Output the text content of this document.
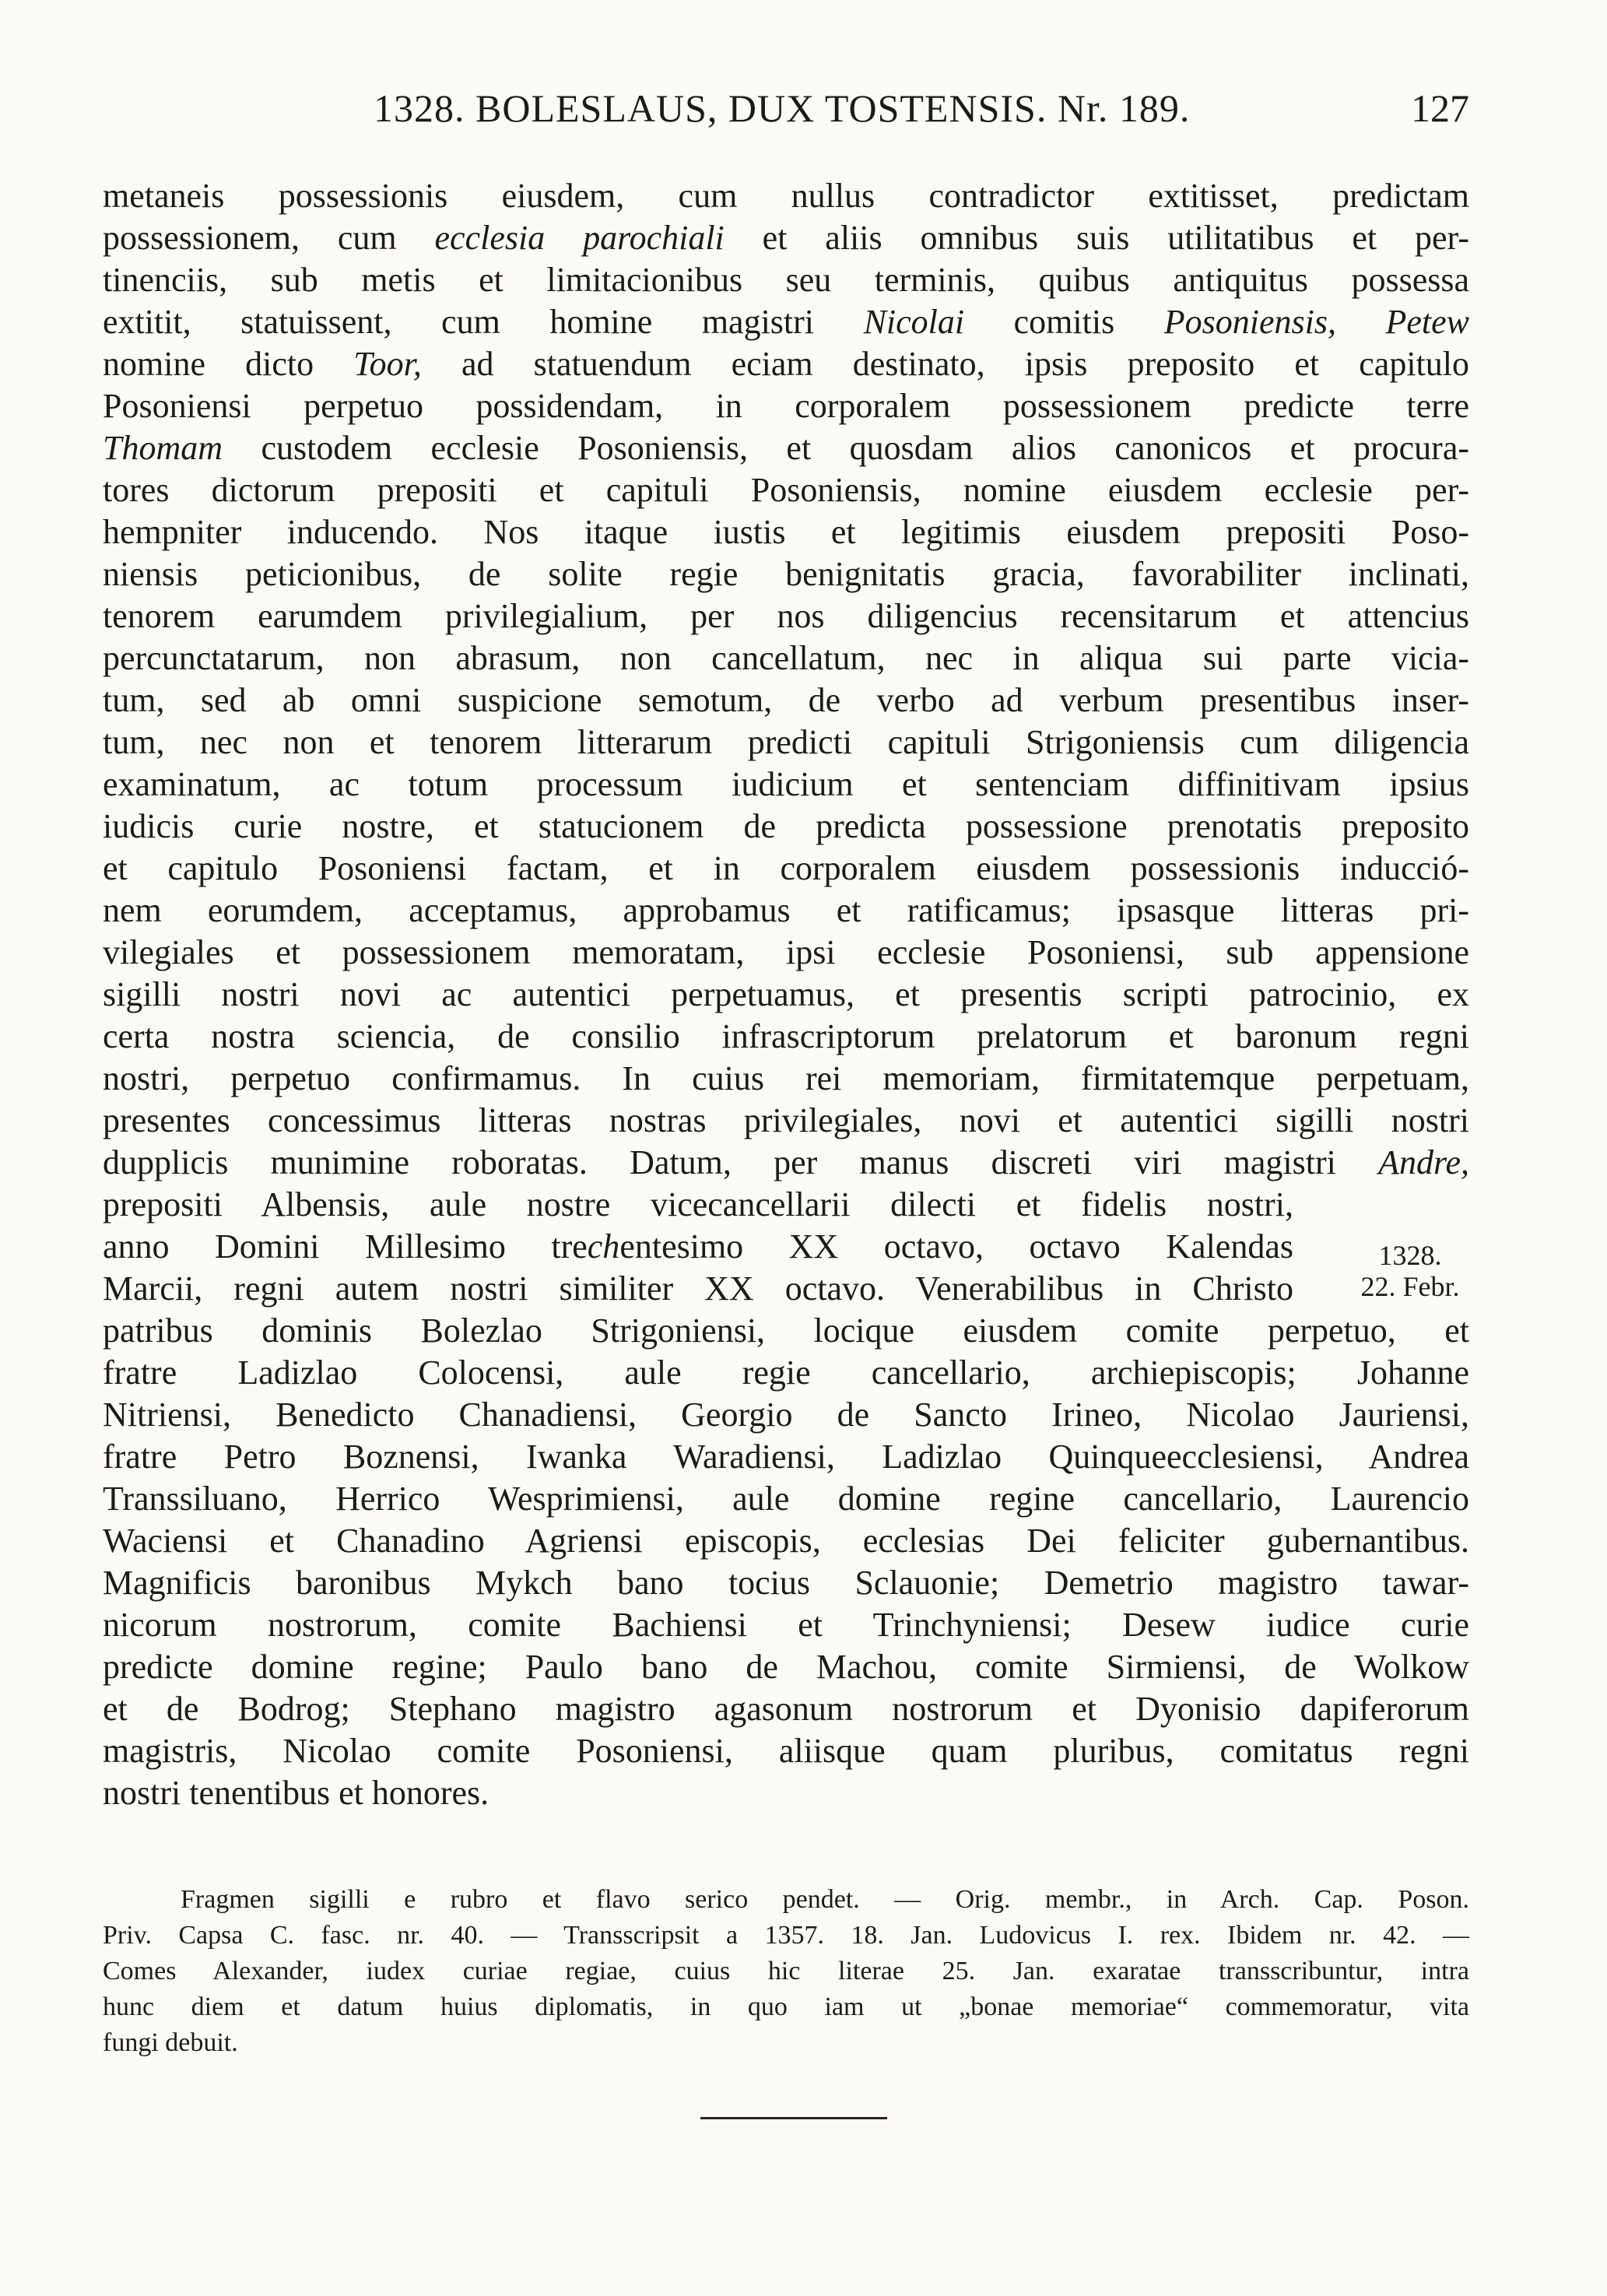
1328. BOLESLAUS, DUX TOSTENSIS. Nr. 189.	127
metaneis possessionis eiusdem, cum nullus contradictor extitisset, predictam
possessionem, cum ecclesia parochiali et aliis omnibus suis utilitatibus et per-
tinenciis, sub metis et limitacionibus seu terminis, quibus antiquitus possessa
extitit, statuissent, cum homine magistri Nicolai comitis Posoniensis, Petew
nomine dicto Toor, ad statuendum eciam destinato, ipsis preposito et capitulo
Posoniensi perpetuo possidendam, in corporalem possessionem predicte terre
Thomam custodem ecclesie Posoniensis, et quosdam alios canonicos et procura-
tores dictorum prepositi et capituli Posoniensis, nomine eiusdem ecclesie per-
hempniter inducendo. Nos itaque iustis et legitimis eiusdem prepositi Poso-
niensis peticionibus, de solite regie benignitatis gracia, favorabiliter inclinati,
tenorem earumdem privilegialium, per nos diligencius recensitarum et attencius
percunctatarum, non abrasum, non cancellatum, nec in aliqua sui parte vicia-
tum, sed ab omni suspicione semotum, de verbo ad verbum presentibus inser-
tum, nec non et tenorem litterarum predicti capituli Strigoniensis cum diligencia
examinatum, ac totum processum iudicium et sentenciam diffinitivam ipsius
iudicis curie nostre, et statucionem de predicta possessione prenotatis preposito
et capitulo Posoniensi factam, et in corporalem eiusdem possessionis inducció-
nem eorumdem, acceptamus, approbamus et ratificamus; ipsasque litteras pri-
vilegiales et possessionem memoratam, ipsi ecclesie Posoniensi, sub appensione
sigilli nostri novi ac autentici perpetuamus, et presentis scripti patrocinio, ex
certa nostra sciencia, de consilio infrascriptorum prelatorum et baronum regni
nostri, perpetuo confirmamus. In cuius rei memoriam, firmitatemque perpetuam,
presentes concessimus litteras nostras privilegiales, novi et autentici sigilli nostri
dupplicis munimine roboratas. Datum, per manus discreti viri magistri Andre,
prepositi Albensis, aule nostre vicecancellarii dilecti et fidelis nostri,
anno Domini Millesimo trechentesimo XX octavo, octavo Kalendas
Marcii, regni autem nostri similiter XX octavo. Venerabilibus in Christo
patribus dominis Bolezlao Strigoniensi, locique eiusdem comite perpetuo, et
fratre Ladizlao Colocensi, aule regie cancellario, archiepiscopis; Johanne
Nitriensi, Benedicto Chanadiensi, Georgio de Sancto Irineo, Nicolao Jauriensi,
fratre Petro Boznensi, Iwanka Waradiensi, Ladizlao Quinqueecclesiensi, Andrea
Transsiluano, Herrico Wesprimiensi, aule domine regine cancellario, Laurencio
Waciensi et Chanadino Agriensi episcopis, ecclesias Dei feliciter gubernantibus.
Magnificis baronibus Mykch bano tocius Sclauonie; Demetrio magistro tawar-
nicorum nostrorum, comite Bachiensi et Trinchyniensi; Desew iudice curie
predicte domine regine; Paulo bano de Machou, comite Sirmiensi, de Wolkow
et de Bodrog; Stephano magistro agasonum nostrorum et Dyonisio dapiferorum
magistris, Nicolao comite Posoniensi, aliisque quam pluribus, comitatus regni
nostri tenentibus et honores.
1328.
22. Febr.
Fragmen sigilli e rubro et flavo serico pendet. — Orig. membr., in Arch. Cap. Poson.
Priv. Capsa C. fasc. nr. 40. — Transscripsit a 1357. 18. Jan. Ludovicus I. rex. Ibidem nr. 42. —
Comes Alexander, iudex curiae regiae, cuius hic literae 25. Jan. exaratae transscribuntur, intra
hunc diem et datum huius diplomatis, in quo iam ut „bonae memoriae“ commemoratur, vita
fungi debuit.
